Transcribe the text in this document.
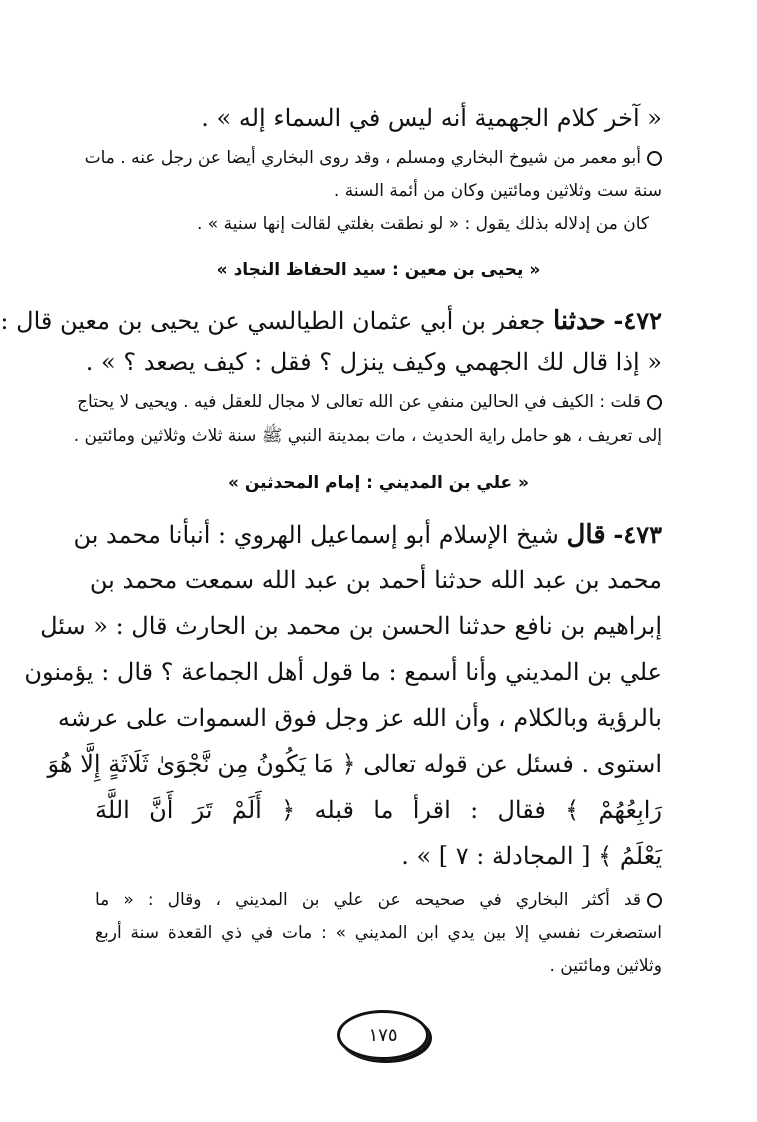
« آخر كلام الجهمية أنه ليس في السماء إله » .
أبو معمر من شيوخ البخاري ومسلم ، وقد روى البخاري أيضا عن رجل عنه . مات
سنة ست وثلاثين ومائتين وكان من أئمة السنة .
كان من إدلاله بذلك يقول : « لو نطقت بغلتي لقالت إنها سنية » .
« يحيى بن معين : سيد الحفاظ النجاد »
٤٧٢- حدثنا جعفر بن أبي عثمان الطيالسي عن يحيى بن معين قال :
« إذا قال لك الجهمي وكيف ينزل ؟ فقل : كيف يصعد ؟ » .
قلت : الكيف في الحالين منفي عن الله تعالى لا مجال للعقل فيه . ويحيى لا يحتاج
إلى تعريف ، هو حامل راية الحديث ، مات بمدينة النبي ﷺ سنة ثلاث وثلاثين ومائتين .
« علي بن المديني : إمام المحدثين »
٤٧٣- قال شيخ الإسلام أبو إسماعيل الهروي : أنبأنا محمد بن
محمد بن عبد الله حدثنا أحمد بن عبد الله سمعت محمد بن
إبراهيم بن نافع حدثنا الحسن بن محمد بن الحارث قال : « سئل
علي بن المديني وأنا أسمع : ما قول أهل الجماعة ؟ قال : يؤمنون
بالرؤية وبالكلام ، وأن الله عز وجل فوق السموات على عرشه
استوى . فسئل عن قوله تعالى ﴿ مَا يَكُونُ مِن نَّجْوَىٰ ثَلَاثَةٍ إِلَّا هُوَ
رَابِعُهُمْ ﴾ فقال : اقرأ ما قبله ﴿ أَلَمْ تَرَ أَنَّ اللَّهَ
يَعْلَمُ ﴾ [ المجادلة : ٧ ] » .
قد أكثر البخاري في صحيحه عن علي بن المديني ، وقال : « ما
استصغرت نفسي إلا بين يدي ابن المديني » : مات في ذي القعدة سنة أربع
وثلاثين ومائتين .
١٧٥
